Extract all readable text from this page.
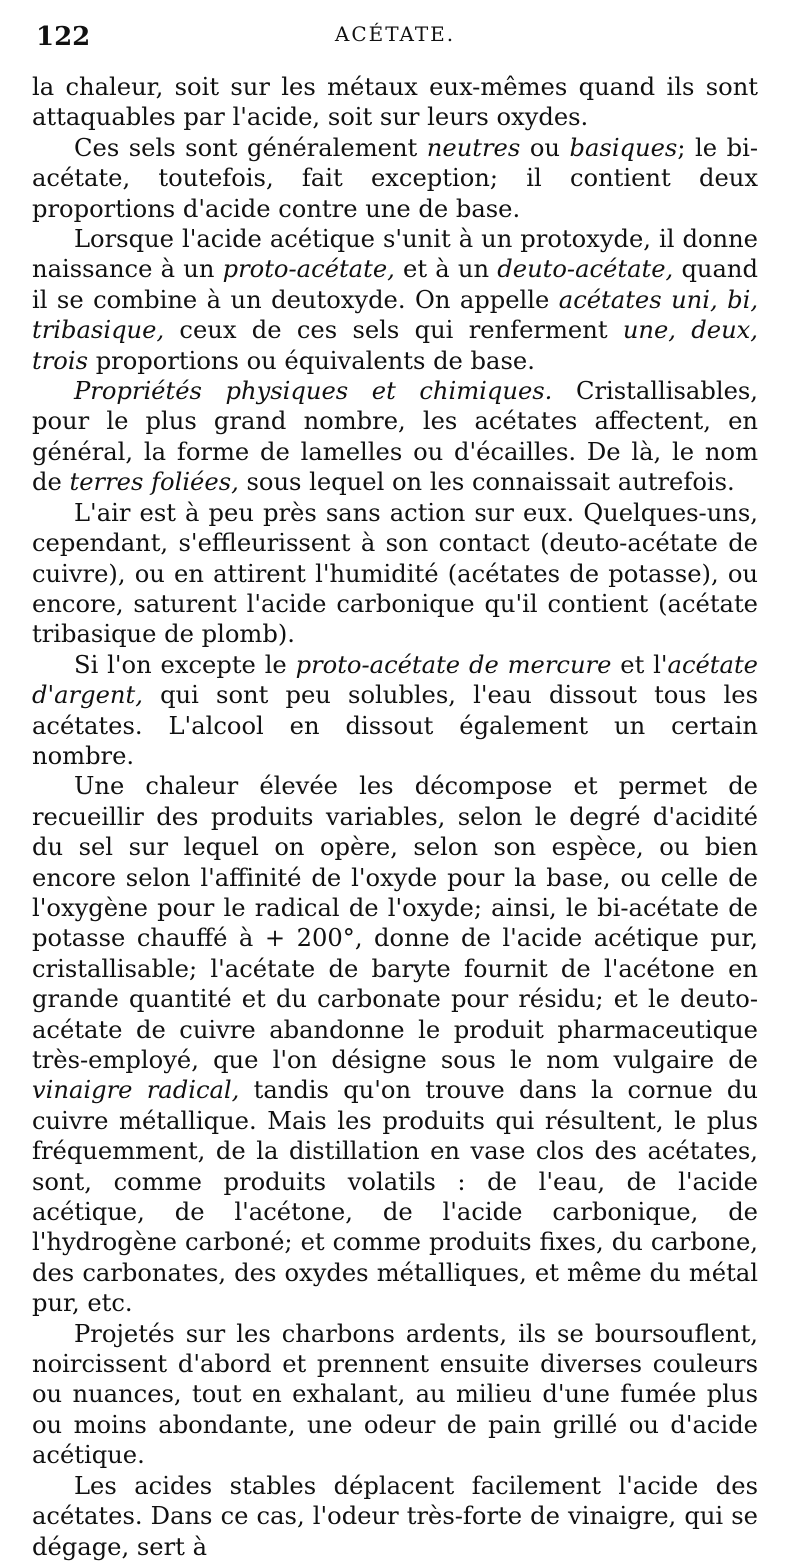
122	ACÉTATE.

la chaleur, soit sur les métaux eux-mêmes quand ils sont attaquables par l'acide, soit sur leurs oxydes.

Ces sels sont généralement neutres ou basiques; le bi-acétate, toutefois, fait exception; il contient deux proportions d'acide contre une de base.

Lorsque l'acide acétique s'unit à un protoxyde, il donne naissance à un proto-acétate, et à un deuto-acétate, quand il se combine à un deutoxyde. On appelle acétates uni, bi, tribasique, ceux de ces sels qui renferment une, deux, trois proportions ou équivalents de base.

Propriétés physiques et chimiques. Cristallisables, pour le plus grand nombre, les acétates affectent, en général, la forme de lamelles ou d'écailles. De là, le nom de terres foliées, sous lequel on les connaissait autrefois.

L'air est à peu près sans action sur eux. Quelques-uns, cependant, s'effleurissent à son contact (deuto-acétate de cuivre), ou en attirent l'humidité (acétates de potasse), ou encore, saturent l'acide carbonique qu'il contient (acétate tribasique de plomb).

Si l'on excepte le proto-acétate de mercure et l'acétate d'argent, qui sont peu solubles, l'eau dissout tous les acétates. L'alcool en dissout également un certain nombre.

Une chaleur élevée les décompose et permet de recueillir des produits variables, selon le degré d'acidité du sel sur lequel on opère, selon son espèce, ou bien encore selon l'affinité de l'oxyde pour la base, ou celle de l'oxygène pour le radical de l'oxyde; ainsi, le bi-acétate de potasse chauffé à + 200°, donne de l'acide acétique pur, cristallisable; l'acétate de baryte fournit de l'acétone en grande quantité et du carbonate pour résidu; et le deuto-acétate de cuivre abandonne le produit pharmaceutique très-employé, que l'on désigne sous le nom vulgaire de vinaigre radical, tandis qu'on trouve dans la cornue du cuivre métallique. Mais les produits qui résultent, le plus fréquemment, de la distillation en vase clos des acétates, sont, comme produits volatils : de l'eau, de l'acide acétique, de l'acétone, de l'acide carbonique, de l'hydrogène carboné; et comme produits fixes, du carbone, des carbonates, des oxydes métalliques, et même du métal pur, etc.

Projetés sur les charbons ardents, ils se boursouflent, noircissent d'abord et prennent ensuite diverses couleurs ou nuances, tout en exhalant, au milieu d'une fumée plus ou moins abondante, une odeur de pain grillé ou d'acide acétique.

Les acides stables déplacent facilement l'acide des acétates. Dans ce cas, l'odeur très-forte de vinaigre, qui se dégage, sert à
